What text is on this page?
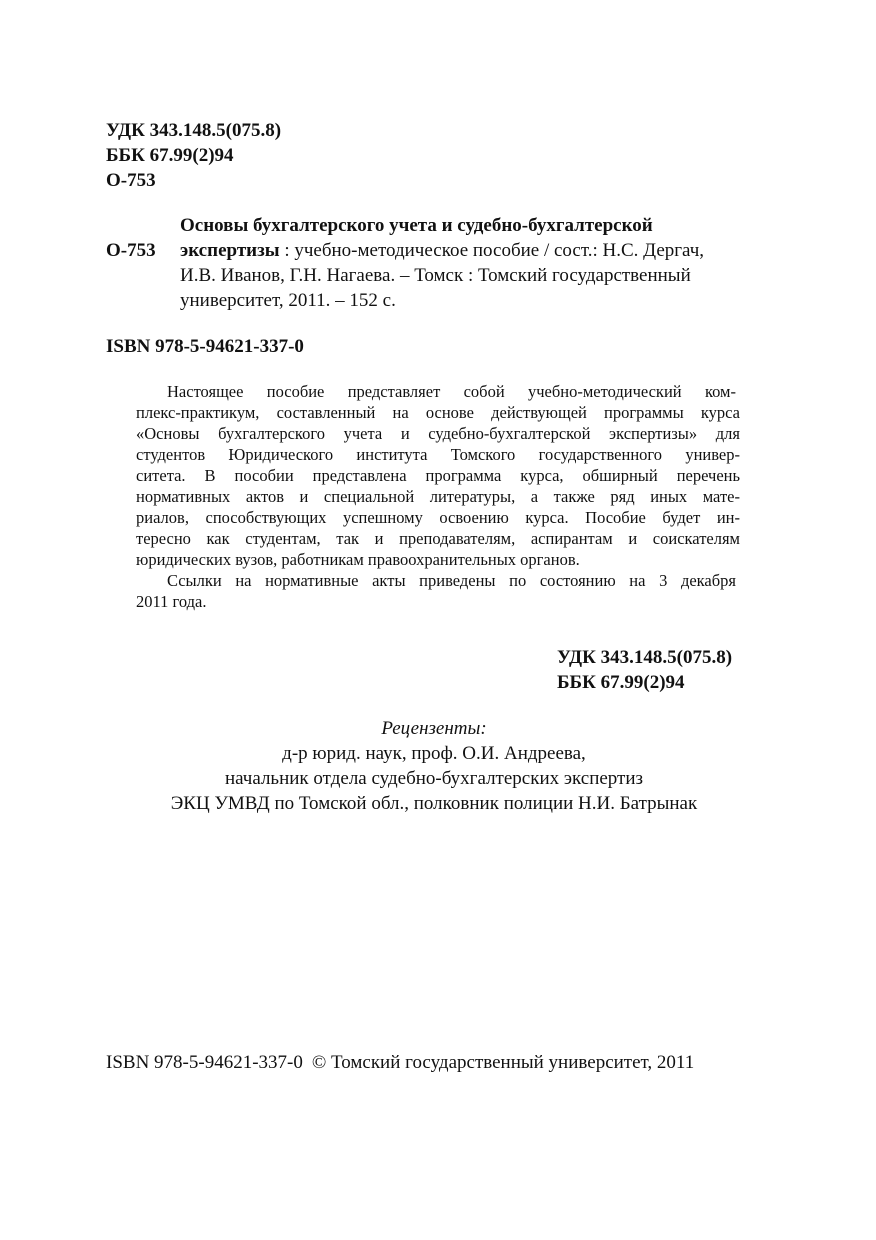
УДК 343.148.5(075.8)
ББК 67.99(2)94
О-753
О-753
Основы бухгалтерского учета и судебно-бухгалтерской
экспертизы : учебно-методическое пособие / сост.: Н.С. Дергач,
И.В. Иванов, Г.Н. Нагаева. – Томск : Томский государственный
университет, 2011. – 152 с.
ISBN 978-5-94621-337-0
Настоящее пособие представляет собой учебно-методический ком-
плекс-практикум, составленный на основе действующей программы курса
«Основы бухгалтерского учета и судебно-бухгалтерской экспертизы» для
студентов Юридического института Томского государственного универ-
ситета. В пособии представлена программа курса, обширный перечень
нормативных актов и специальной литературы, а также ряд иных мате-
риалов, способствующих успешному освоению курса. Пособие будет ин-
тересно как студентам, так и преподавателям, аспирантам и соискателям
юридических вузов, работникам правоохранительных органов.
Ссылки на нормативные акты приведены по состоянию на 3 декабря
2011 года.
УДК 343.148.5(075.8)
ББК 67.99(2)94
Рецензенты:
д-р юрид. наук, проф. О.И. Андреева,
начальник отдела судебно-бухгалтерских экспертиз
ЭКЦ УМВД по Томской обл., полковник полиции Н.И. Батрынак
ISBN 978-5-94621-337-0 © Томский государственный университет, 2011
